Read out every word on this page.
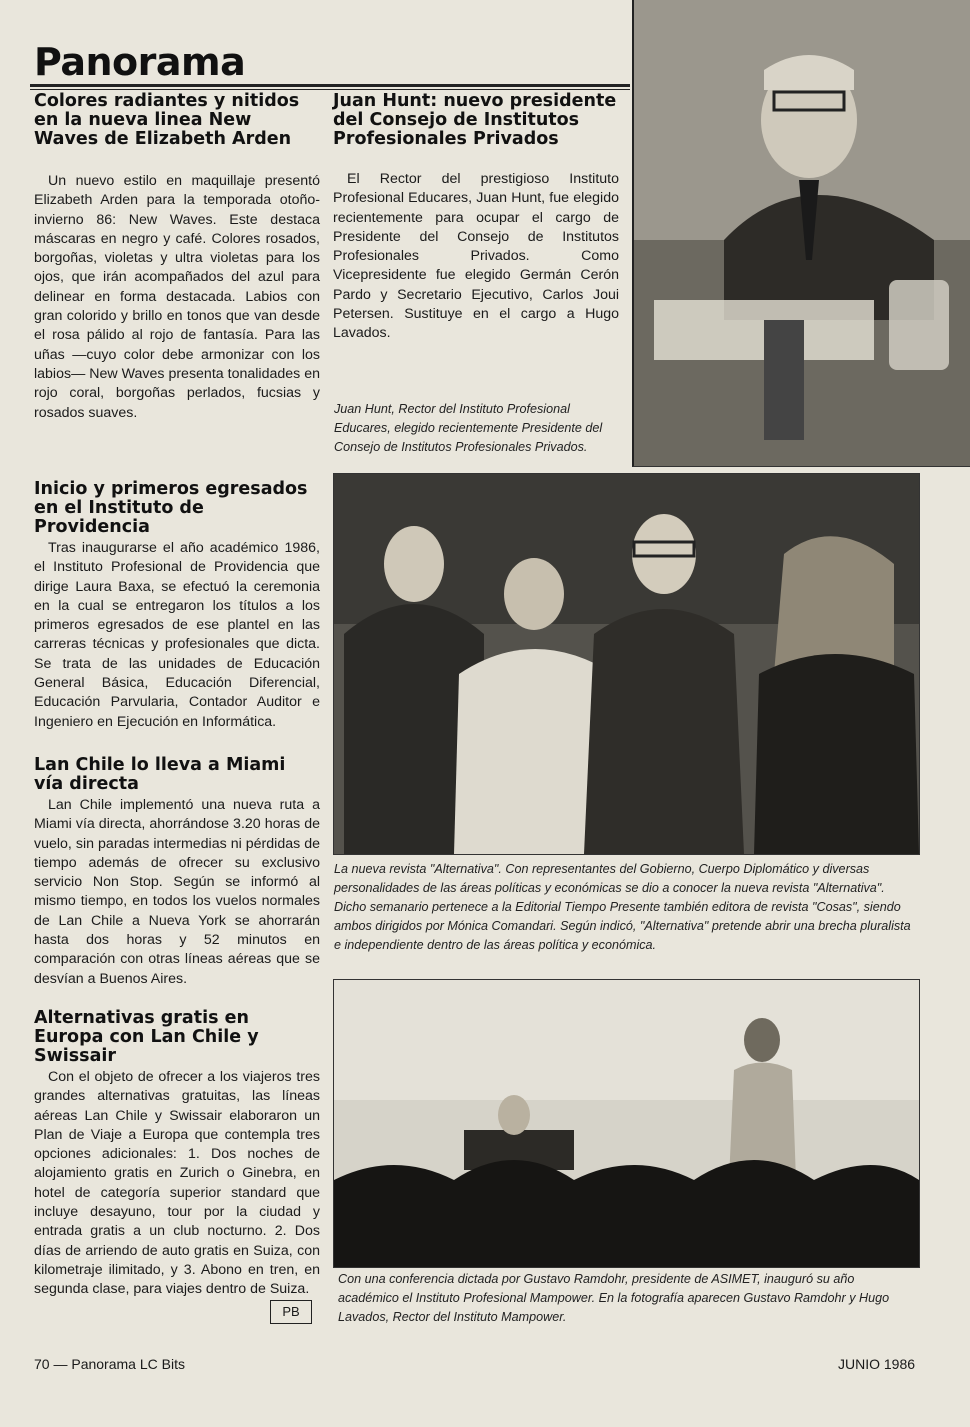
Panorama
Colores radiantes y nitidos en la nueva linea New Waves de Elizabeth Arden

Un nuevo estilo en maquillaje presentó Elizabeth Arden para la temporada otoño-invierno 86: New Waves. Este destaca máscaras en negro y café. Colores rosados, borgoñas, violetas y ultra violetas para los ojos, que irán acompañados del azul para delinear en forma destacada. Labios con gran colorido y brillo en tonos que van desde el rosa pálido al rojo de fantasía. Para las uñas —cuyo color debe armonizar con los labios— New Waves presenta tonalidades en rojo coral, borgoñas perlados, fucsias y rosados suaves.

Inicio y primeros egresados en el Instituto de Providencia

Tras inaugurarse el año académico 1986, el Instituto Profesional de Providencia que dirige Laura Baxa, se efectuó la ceremonia en la cual se entregaron los títulos a los primeros egresados de ese plantel en las carreras técnicas y profesionales que dicta. Se trata de las unidades de Educación General Básica, Educación Diferencial, Educación Parvularia, Contador Auditor e Ingeniero en Ejecución en Informática.

Lan Chile lo lleva a Miami vía directa

Lan Chile implementó una nueva ruta a Miami vía directa, ahorrándose 3.20 horas de vuelo, sin paradas intermedias ni pérdidas de tiempo además de ofrecer su exclusivo servicio Non Stop. Según se informó al mismo tiempo, en todos los vuelos normales de Lan Chile a Nueva York se ahorrarán hasta dos horas y 52 minutos en comparación con otras líneas aéreas que se desvían a Buenos Aires.

Alternativas gratis en Europa con Lan Chile y Swissair

Con el objeto de ofrecer a los viajeros tres grandes alternativas gratuitas, las líneas aéreas Lan Chile y Swissair elaboraron un Plan de Viaje a Europa que contempla tres opciones adicionales: 1. Dos noches de alojamiento gratis en Zurich o Ginebra, en hotel de categoría superior standard que incluye desayuno, tour por la ciudad y entrada gratis a un club nocturno. 2. Dos días de arriendo de auto gratis en Suiza, con kilometraje ilimitado, y 3. Abono en tren, en segunda clase, para viajes dentro de Suiza.

PB
Juan Hunt: nuevo presidente del Consejo de Institutos Profesionales Privados

El Rector del prestigioso Instituto Profesional Educares, Juan Hunt, fue elegido recientemente para ocupar el cargo de Presidente del Consejo de Institutos Profesionales Privados. Como Vicepresidente fue elegido Germán Cerón Pardo y Secretario Ejecutivo, Carlos Joui Petersen. Sustituye en el cargo a Hugo Lavados.

Juan Hunt, Rector del Instituto Profesional Educares, elegido recientemente Presidente del Consejo de Institutos Profesionales Privados.

La nueva revista "Alternativa". Con representantes del Gobierno, Cuerpo Diplomático y diversas personalidades de las áreas políticas y económicas se dio a conocer la nueva revista "Alternativa". Dicho semanario pertenece a la Editorial Tiempo Presente también editora de revista "Cosas", siendo ambos dirigidos por Mónica Comandari. Según indicó, "Alternativa" pretende abrir una brecha pluralista e independiente dentro de las áreas política y económica.

Con una conferencia dictada por Gustavo Ramdohr, presidente de ASIMET, inauguró su año académico el Instituto Profesional Mampower. En la fotografía aparecen Gustavo Ramdohr y Hugo Lavados, Rector del Instituto Mampower.

70 — Panorama LC Bits	JUNIO 1986
